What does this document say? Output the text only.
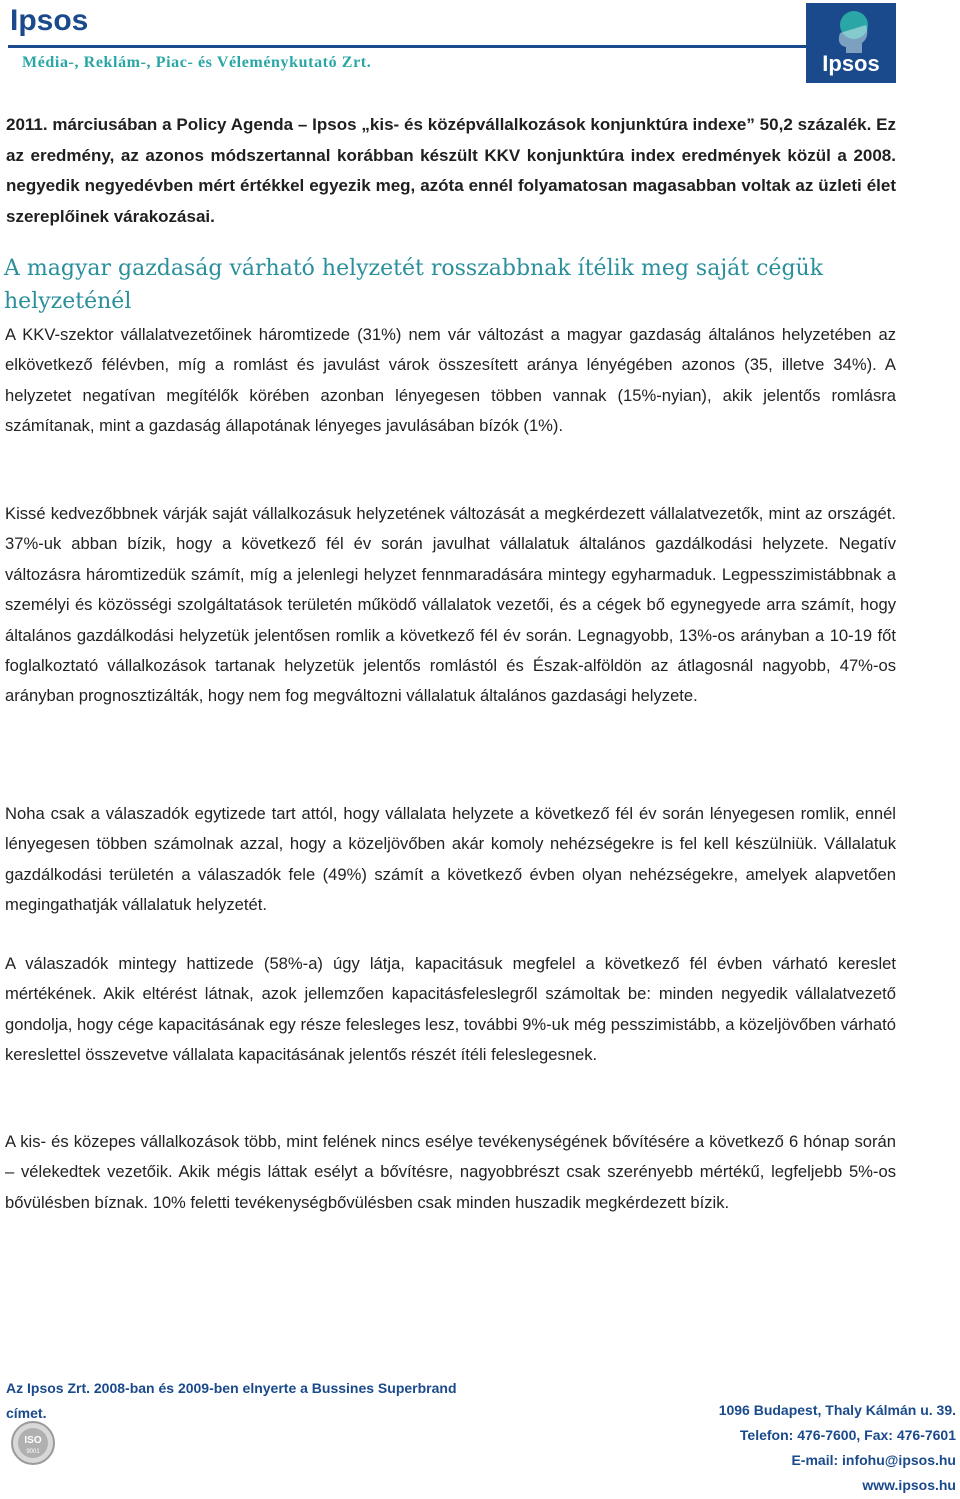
Ipsos
Média-, Reklám-, Piac- és Véleménykutató Zrt.	Ipsos
2011. márciusában a Policy Agenda – Ipsos „kis- és középvállalkozások konjunktúra indexe” 50,2 százalék. Ez az eredmény, az azonos módszertannal korábban készült KKV konjunktúra index eredmények közül a 2008. negyedik negyedévben mért értékkel egyezik meg, azóta ennél folyamatosan magasabban voltak az üzleti élet szereplőinek várakozásai.
A magyar gazdaság várható helyzetét rosszabbnak ítélik meg saját cégük helyzeténél
A KKV-szektor vállalatvezetőinek háromtizede (31%) nem vár változást a magyar gazdaság általános helyzetében az elkövetkező félévben, míg a romlást és javulást várok összesített aránya lényégében azonos (35, illetve 34%). A helyzetet negatívan megítélők körében azonban lényegesen többen vannak (15%-nyian), akik jelentős romlásra számítanak, mint a gazdaság állapotának lényeges javulásában bízók (1%).
Kissé kedvezőbbnek várják saját vállalkozásuk helyzetének változását a megkérdezett vállalatvezetők, mint az országét. 37%-uk abban bízik, hogy a következő fél év során javulhat vállalatuk általános gazdálkodási helyzete. Negatív változásra háromtizedük számít, míg a jelenlegi helyzet fennmaradására mintegy egyharmaduk. Legpesszimistábbnak a személyi és közösségi szolgáltatások területén működő vállalatok vezetői, és a cégek bő egynegyede arra számít, hogy általános gazdálkodási helyzetük jelentősen romlik a következő fél év során. Legnagyobb, 13%-os arányban a 10-19 főt foglalkoztató vállalkozások tartanak helyzetük jelentős romlástól és Észak-alföldön az átlagosnál nagyobb, 47%-os arányban prognosztizálták, hogy nem fog megváltozni vállalatuk általános gazdasági helyzete.
Noha csak a válaszadók egytizede tart attól, hogy vállalata helyzete a következő fél év során lényegesen romlik, ennél lényegesen többen számolnak azzal, hogy a közeljövőben akár komoly nehézségekre is fel kell készülniük. Vállalatuk gazdálkodási területén a válaszadók fele (49%) számít a következő évben olyan nehézségekre, amelyek alapvetően megingathatják vállalatuk helyzetét.
A válaszadók mintegy hattizede (58%-a) úgy látja, kapacitásuk megfelel a következő fél évben várható kereslet mértékének. Akik eltérést látnak, azok jellemzően kapacitásfeleslegről számoltak be: minden negyedik vállalatvezető gondolja, hogy cége kapacitásának egy része felesleges lesz, további 9%-uk még pesszimistább, a közeljövőben várható kereslettel összevetve vállalata kapacitásának jelentős részét ítéli feleslegesnek.
A kis- és közepes vállalkozások több, mint felének nincs esélye tevékenységének bővítésére a következő 6 hónap során – vélekedtek vezetőik. Akik mégis láttak esélyt a bővítésre, nagyobbrészt csak szerényebb mértékű, legfeljebb 5%-os bővülésben bíznak. 10% feletti tevékenységbővülésben csak minden huszadik megkérdezett bízik.
Az Ipsos Zrt. 2008-ban és 2009-ben elnyerte a Bussines Superbrand
címet.
ISO
9001
1096 Budapest, Thaly Kálmán u. 39.
Telefon: 476-7600, Fax: 476-7601
E-mail: infohu@ipsos.hu
www.ipsos.hu
